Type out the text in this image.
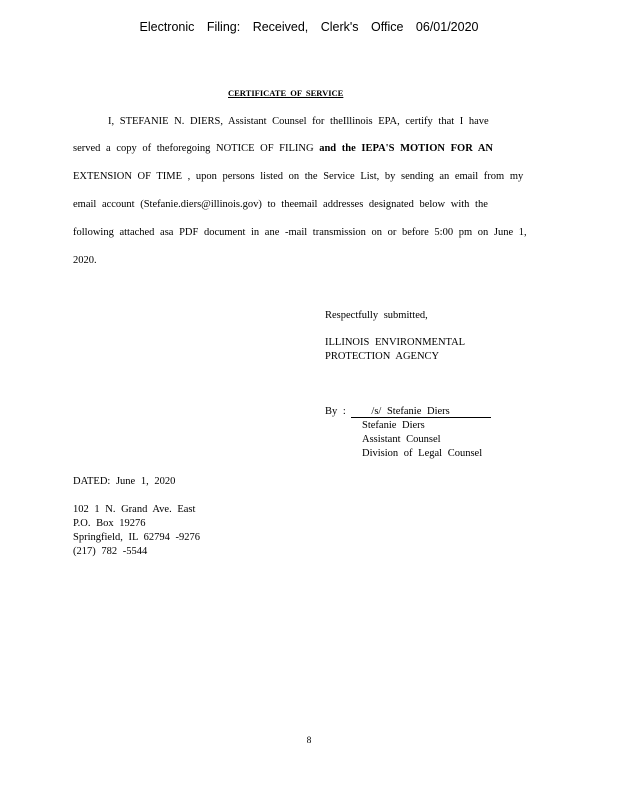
Electronic Filing: Received, Clerk's Office 06/01/2020
CERTIFICATE OF SERVICE
I, STEFANIE N. DIERS, Assistant Counsel for theIllinois EPA, certify that I have
served a copy of theforegoing NOTICE OF FILING and the IEPA'S MOTION FOR AN
EXTENSION OF TIME , upon persons listed on the Service List, by sending an email from my
email account (Stefanie.diers@illinois.gov) to theemail addresses designated below with the
following attached asa PDF document in ane -mail transmission on or before 5:00 pm on June 1,
2020.
Respectfully submitted,
ILLINOIS ENVIRONMENTAL
PROTECTION AGENCY
By : /s/ Stefanie Diers
Stefanie Diers
Assistant Counsel
Division of Legal Counsel
DATED: June 1, 2020
102 1 N. Grand Ave. East
P.O. Box 19276
Springfield, IL 62794 -9276
(217) 782 -5544
8
